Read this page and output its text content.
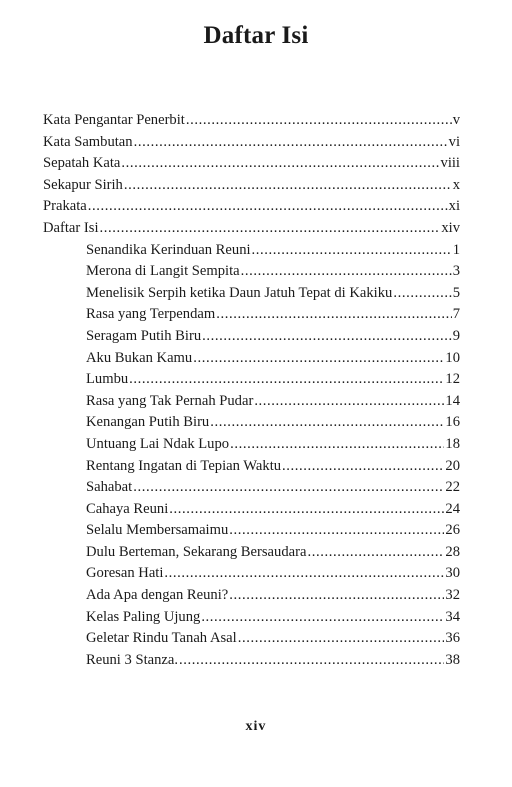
Daftar Isi
Kata Pengantar Penerbit .....	v
Kata Sambutan .....	vi
Sepatah Kata .....	viii
Sekapur Sirih .....	x
Prakata .....	xi
Daftar Isi .....	xiv
Senandika Kerinduan Reuni .....	1
Merona di Langit Sempita .....	3
Menelisik Serpih ketika Daun Jatuh Tepat di Kakiku .....	5
Rasa yang Terpendam .....	7
Seragam Putih Biru .....	9
Aku Bukan Kamu .....	10
Lumbu .....	12
Rasa yang Tak Pernah Pudar .....	14
Kenangan Putih Biru .....	16
Untuang Lai Ndak Lupo .....	18
Rentang Ingatan di Tepian Waktu .....	20
Sahabat .....	22
Cahaya Reuni .....	24
Selalu Membersamaimu .....	26
Dulu Berteman, Sekarang Bersaudara .....	28
Goresan Hati .....	30
Ada Apa dengan Reuni? .....	32
Kelas Paling Ujung .....	34
Geletar Rindu Tanah Asal .....	36
Reuni 3 Stanza. .....	38
xiv
